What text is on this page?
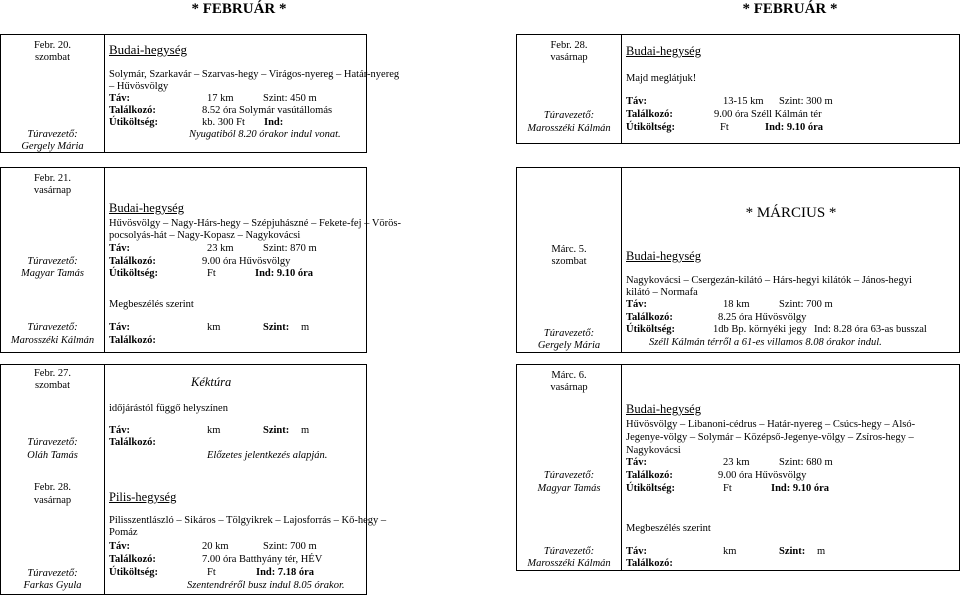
* FEBRUÁR *	* FEBRUÁR *
Febr. 20.
szombat
Túravezető:
Gergely Mária
Budai-hegység
Solymár, Szarkavár – Szarvas-hegy – Virágos-nyereg – Határ-nyereg
– Hűvösvölgy
Táv:	17 km	Szint: 450 m
Találkozó:	8.52 óra Solymár vasútállomás
Útiköltség:	kb. 300 Ft Ind:
Nyugatiból 8.20 órakor indul vonat.
Febr. 28.
vasárnap
Túravezető:
Marosszéki Kálmán
Budai-hegység
Majd meglátjuk!
Táv:	13-15 km Szint: 300 m
Találkozó:	9.00 óra Széll Kálmán tér
Útiköltség:	Ft	Ind: 9.10 óra
Febr. 21.
vasárnap
Túravezető:
Magyar Tamás
Túravezető:
Marosszéki Kálmán
Budai-hegység
Hűvösvölgy – Nagy-Hárs-hegy – Szépjuhászné – Fekete-fej – Vörös-
pocsolyás-hát – Nagy-Kopasz – Nagykovácsi
Táv:	23 km	Szint: 870 m
Találkozó:	9.00 óra Hűvösvölgy
Útiköltség:	Ft	Ind: 9.10 óra
Megbeszélés szerint
Táv:	km	Szint: m
Találkozó:
* MÁRCIUS *
Márc. 5.
szombat
Túravezető:
Gergely Mária
Budai-hegység
Nagykovácsi – Csergezán-kilátó – Hárs-hegyi kilátók – János-hegyi
kilátó – Normafa
Táv:	18 km	Szint: 700 m
Találkozó:	8.25 óra Hűvösvölgy
Útiköltség:	1db Bp. környéki jegy Ind: 8.28 óra 63-as busszal
Széll Kálmán térről a 61-es villamos 8.08 órakor indul.
Febr. 27.
szombat
Túravezető:
Oláh Tamás
Kéktúra
időjárástól függő helyszínen
Táv:	km	Szint: m
Találkozó:
Előzetes jelentkezés alapján.
Febr. 28.
vasárnap
Túravezető:
Farkas Gyula
Pilis-hegység
Pilisszentlászló – Sikáros – Tölgyikrek – Lajosforrás – Kő-hegy –
Pomáz
Táv:	20 km	Szint: 700 m
Találkozó:	7.00 óra Batthyány tér, HÉV
Útiköltség:	Ft	Ind: 7.18 óra
Szentendréről busz indul 8.05 órakor.
Márc. 6.
vasárnap
Túravezető:
Magyar Tamás
Túravezető:
Marosszéki Kálmán
Budai-hegység
Hűvösvölgy – Libanoni-cédrus – Határ-nyereg – Csúcs-hegy – Alsó-
Jegenye-völgy – Solymár – Középső-Jegenye-völgy – Zsíros-hegy –
Nagykovácsi
Táv:	23 km	Szint: 680 m
Találkozó:	9.00 óra Hűvösvölgy
Útiköltség:	Ft	Ind: 9.10 óra
Megbeszélés szerint
Táv:	km	Szint: m
Találkozó:
